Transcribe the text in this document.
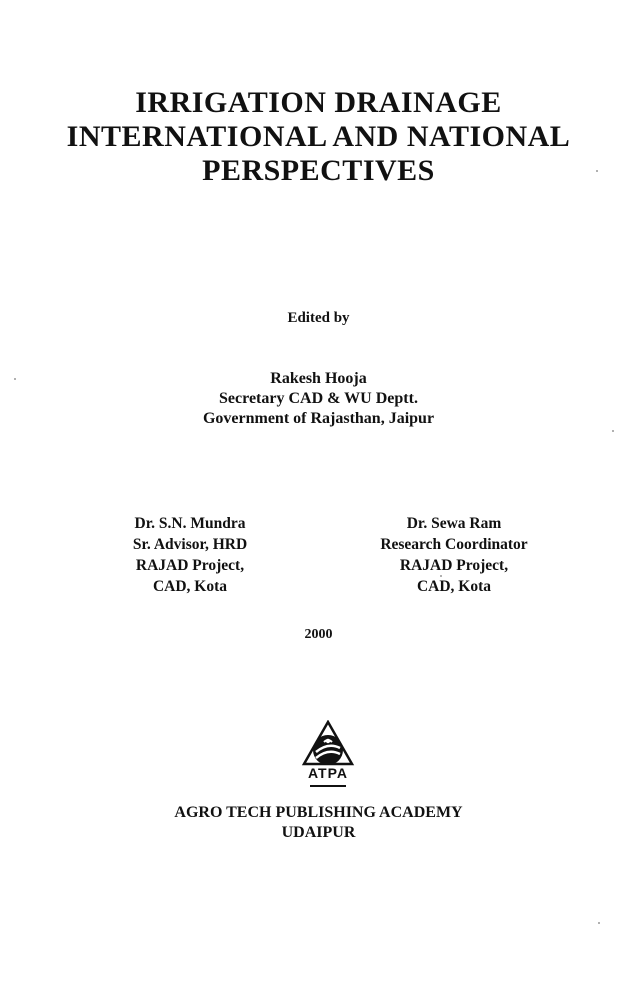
IRRIGATION DRAINAGE
INTERNATIONAL AND NATIONAL
PERSPECTIVES
Edited by
Rakesh Hooja
Secretary CAD & WU Deptt.
Government of Rajasthan, Jaipur
Dr. S.N. Mundra
Sr. Advisor, HRD
RAJAD Project,
CAD, Kota
Dr. Sewa Ram
Research Coordinator
RAJAD Project,
CAD, Kota
2000
ATPA
AGRO TECH PUBLISHING ACADEMY
UDAIPUR
